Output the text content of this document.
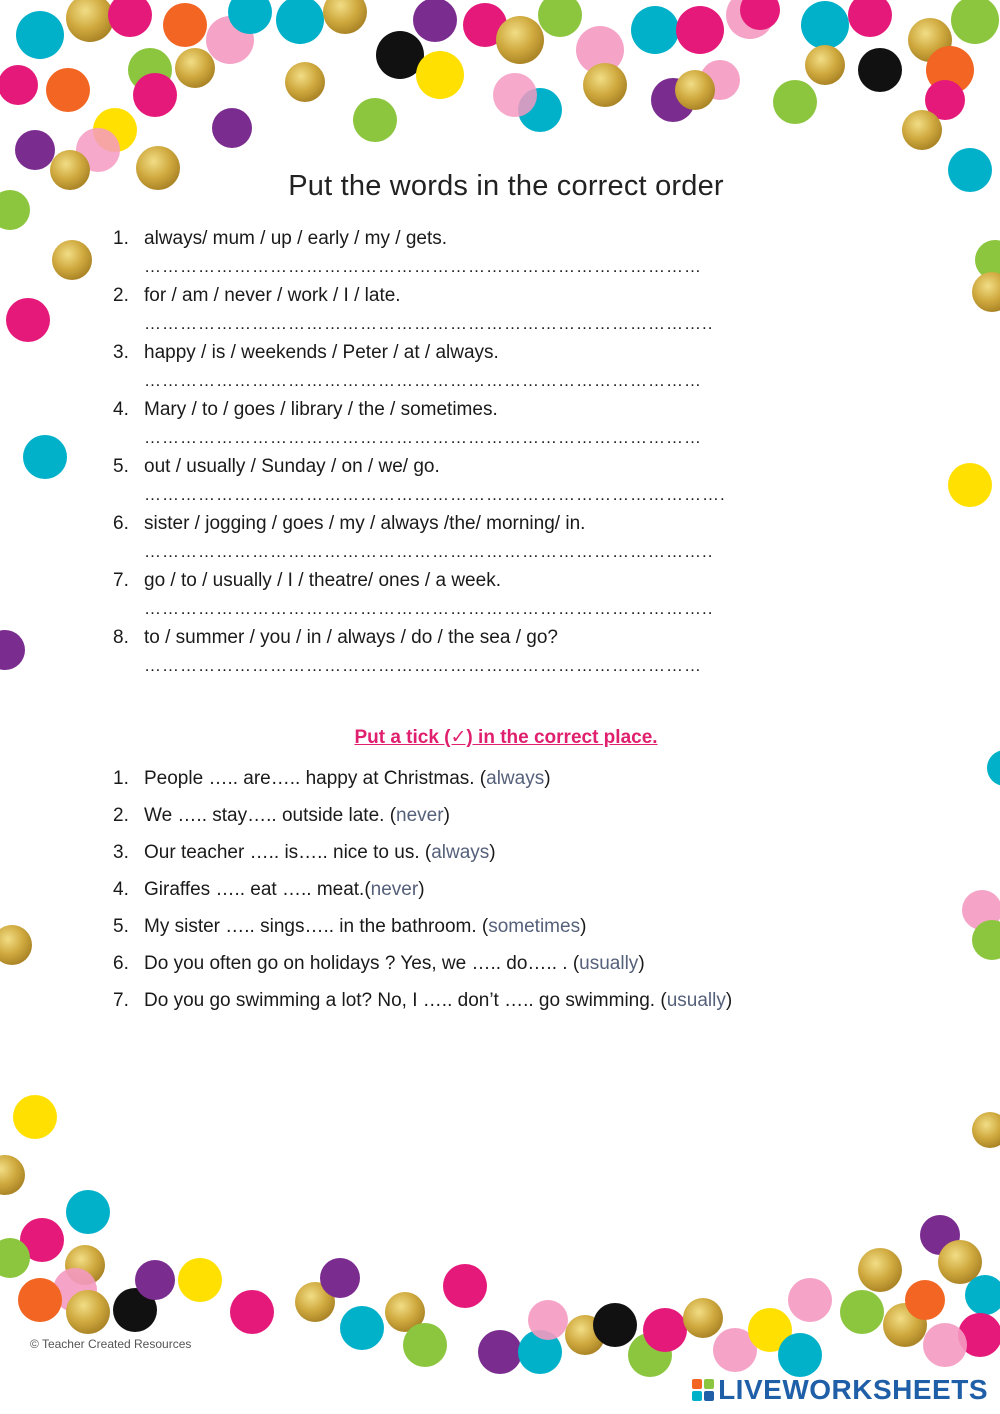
Put the words in the correct order
1. always/ mum / up / early / my / gets.
…………………………………………………………………………………
2. for / am / never / work / I / late.
…………………………………………………………………………………..
3. happy / is / weekends / Peter / at / always.
…………………………………………………………………………………
4. Mary / to / goes / library / the / sometimes.
…………………………………………………………………………………
5. out / usually / Sunday / on / we/ go.
…………………………………………………………………………………….
6. sister / jogging / goes / my / always /the/ morning/ in.
…………………………………………………………………………………..
7. go / to / usually / I / theatre/ ones / a week.
…………………………………………………………………………………..
8. to / summer / you / in / always / do / the sea / go?
…………………………………………………………………………………
Put a tick (✓) in the correct place.
1. People ….. are….. happy at Christmas. (always)
2. We ….. stay….. outside late. (never)
3. Our teacher ….. is….. nice to us. (always)
4. Giraffes ….. eat ….. meat.(never)
5. My sister ….. sings….. in the bathroom. (sometimes)
6. Do you often go on holidays ? Yes, we ….. do….. . (usually)
7. Do you go swimming a lot? No, I ….. don’t ….. go swimming. (usually)
© Teacher Created Resources
LIVEWORKSHEETS
